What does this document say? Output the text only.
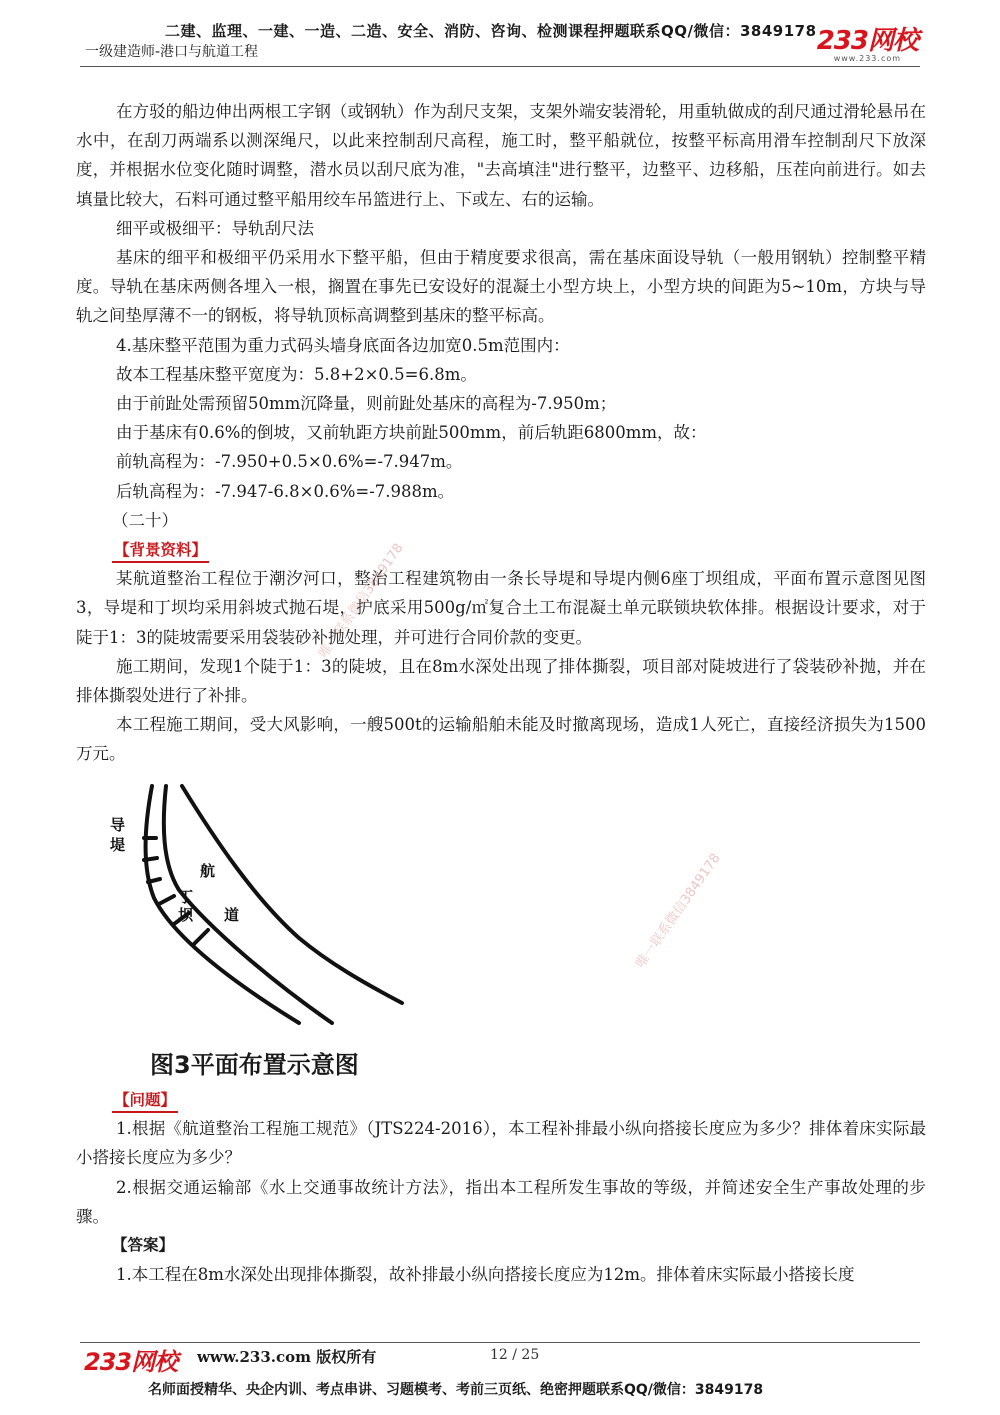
二建、监理、一建、一造、二造、安全、消防、咨询、检测课程押题联系QQ/微信：3849178
一级建造师-港口与航道工程	233网校
www.233.com

在方驳的船边伸出两根工字钢（或钢轨）作为刮尺支架，支架外端安装滑轮，用重轨做成的刮尺通过滑轮悬吊在水中，在刮刀两端系以测深绳尺，以此来控制刮尺高程，施工时，整平船就位，按整平标高用滑车控制刮尺下放深度，并根据水位变化随时调整，潜水员以刮尺底为准，"去高填洼"进行整平，边整平、边移船，压茬向前进行。如去填量比较大，石料可通过整平船用绞车吊篮进行上、下或左、右的运输。

细平或极细平：导轨刮尺法

基床的细平和极细平仍采用水下整平船，但由于精度要求很高，需在基床面设导轨（一般用钢轨）控制整平精度。导轨在基床两侧各埋入一根，搁置在事先已安设好的混凝土小型方块上，小型方块的间距为5~10m，方块与导轨之间垫厚薄不一的钢板，将导轨顶标高调整到基床的整平标高。

4.基床整平范围为重力式码头墙身底面各边加宽0.5m范围内：

故本工程基床整平宽度为：5.8+2×0.5=6.8m。

由于前趾处需预留50mm沉降量，则前趾处基床的高程为-7.950m；

由于基床有0.6%的倒坡，又前轨距方块前趾500mm，前后轨距6800mm，故：

前轨高程为：-7.950+0.5×0.6%=-7.947m。

后轨高程为：-7.947-6.8×0.6%=-7.988m。

（二十）

【背景资料】

某航道整治工程位于潮汐河口，整治工程建筑物由一条长导堤和导堤内侧6座丁坝组成，平面布置示意图见图3，导堤和丁坝均采用斜坡式抛石堤，护底采用500g/㎡复合土工布混凝土单元联锁块软体排。根据设计要求，对于陡于1：3的陡坡需要采用袋装砂补抛处理，并可进行合同价款的变更。

施工期间，发现1个陡于1：3的陡坡，且在8m水深处出现了排体撕裂，项目部对陡坡进行了袋装砂补抛，并在排体撕裂处进行了补排。

本工程施工期间，受大风影响，一艘500t的运输船舶未能及时撤离现场，造成1人死亡，直接经济损失为1500万元。

导
堤
航
丁
坝 道
图3平面布置示意图

【问题】

1.根据《航道整治工程施工规范》（JTS224-2016），本工程补排最小纵向搭接长度应为多少？排体着床实际最小搭接长度应为多少？

2.根据交通运输部《水上交通事故统计方法》，指出本工程所发生事故的等级，并简述安全生产事故处理的步骤。

【答案】

1.本工程在8m水深处出现排体撕裂，故补排最小纵向搭接长度应为12m。排体着床实际最小搭接长度

唯一联系微信3849178
唯一联系微信3849178
233网校 www.233.com 版权所有	12 / 25
名师面授精华、央企内训、考点串讲、习题模考、考前三页纸、绝密押题联系QQ/微信：3849178
